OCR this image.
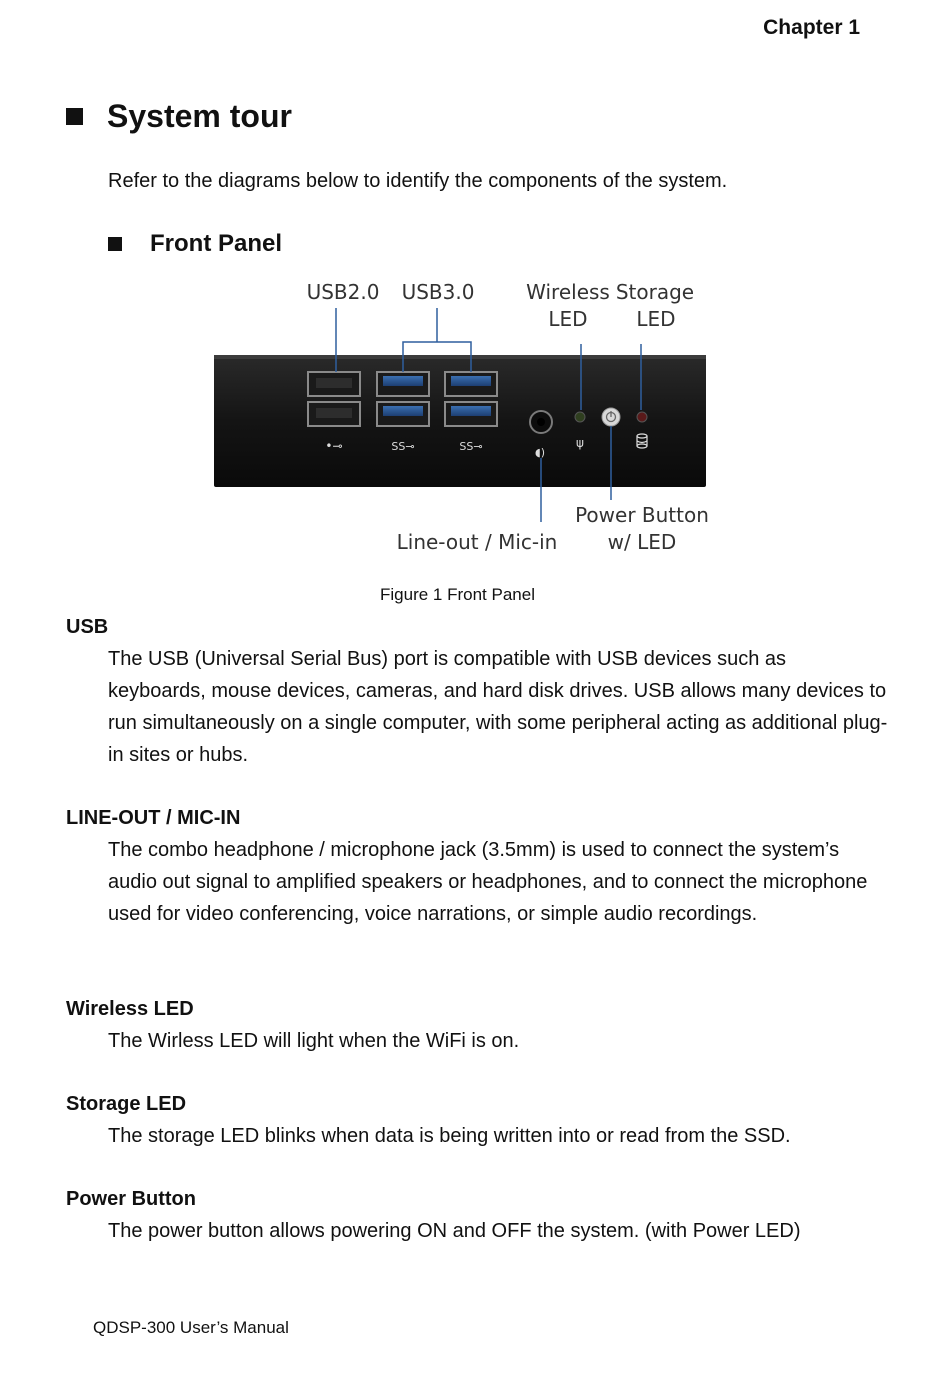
Chapter 1
System tour
Refer to the diagrams below to identify the components of the system.
Front Panel
•⊸	SS⊸	SS⊸	◖)
ψ
USB2.0 USB3.0	Wireless
LED
Storage
LED
Power Button
w/ LED
Line-out / Mic-in
Figure 1 Front Panel
USB
The USB (Universal Serial Bus) port is compatible with USB devices such as keyboards, mouse devices, cameras, and hard disk drives. USB allows many devices to run simultaneously on a single computer, with some peripheral acting as additional plug-in sites or hubs.
LINE-OUT / MIC-IN
The combo headphone / microphone jack (3.5mm) is used to connect the system’s audio out signal to amplified speakers or headphones, and to connect the microphone used for video conferencing, voice narrations, or simple audio recordings.
Wireless LED
The Wirless LED will light when the WiFi is on.
Storage LED
The storage LED blinks when data is being written into or read from the SSD.
Power Button
The power button allows powering ON and OFF the system. (with Power LED)
QDSP-300 User’s Manual
